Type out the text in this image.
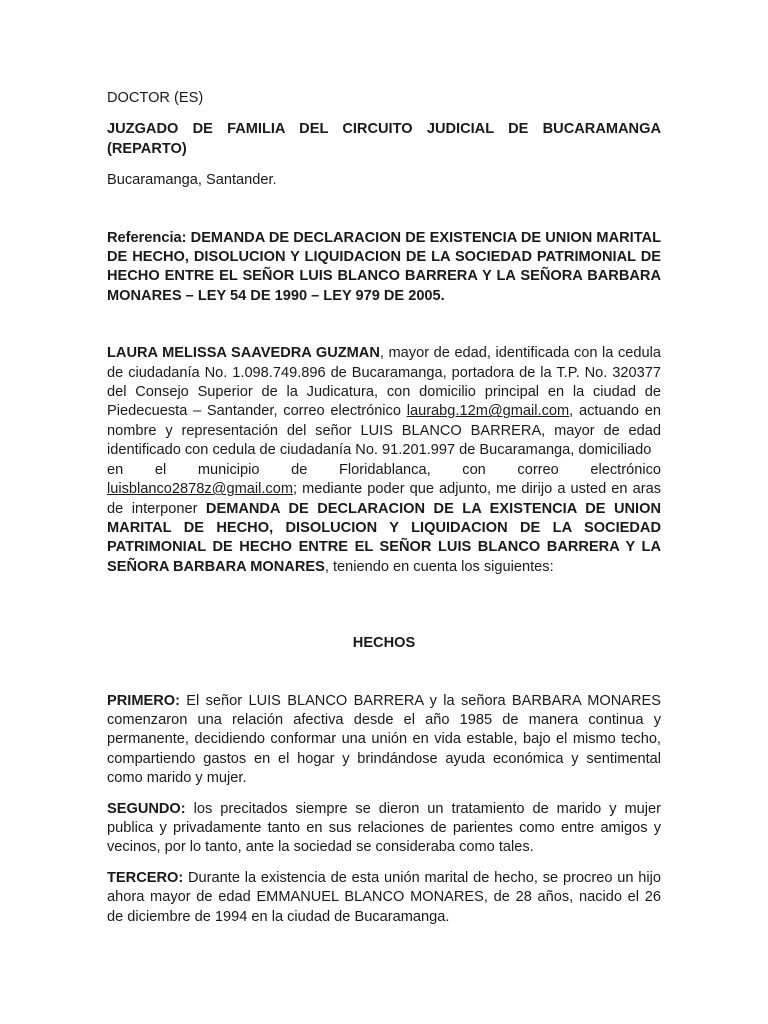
DOCTOR (ES)

JUZGADO DE FAMILIA DEL CIRCUITO JUDICIAL DE BUCARAMANGA (REPARTO)

Bucaramanga, Santander.

Referencia: DEMANDA DE DECLARACION DE EXISTENCIA DE UNION MARITAL DE HECHO, DISOLUCION Y LIQUIDACION DE LA SOCIEDAD PATRIMONIAL DE HECHO ENTRE EL SEÑOR LUIS BLANCO BARRERA Y LA SEÑORA BARBARA MONARES – LEY 54 DE 1990 – LEY 979 DE 2005.

LAURA MELISSA SAAVEDRA GUZMAN, mayor de edad, identificada con la cedula de ciudadanía No. 1.098.749.896 de Bucaramanga, portadora de la T.P. No. 320377 del Consejo Superior de la Judicatura, con domicilio principal en la ciudad de Piedecuesta – Santander, correo electrónico laurabg.12m@gmail.com, actuando en nombre y representación del señor LUIS BLANCO BARRERA, mayor de edad identificado con cedula de ciudadanía No. 91.201.997 de Bucaramanga, domiciliado

en el municipio de Floridablanca, con correo electrónico

luisblanco2878z@gmail.com; mediante poder que adjunto, me dirijo a usted en aras de interponer DEMANDA DE DECLARACION DE LA EXISTENCIA DE UNION MARITAL DE HECHO, DISOLUCION Y LIQUIDACION DE LA SOCIEDAD PATRIMONIAL DE HECHO ENTRE EL SEÑOR LUIS BLANCO BARRERA Y LA SEÑORA BARBARA MONARES, teniendo en cuenta los siguientes:

HECHOS

PRIMERO: El señor LUIS BLANCO BARRERA y la señora BARBARA MONARES comenzaron una relación afectiva desde el año 1985 de manera continua y permanente, decidiendo conformar una unión en vida estable, bajo el mismo techo, compartiendo gastos en el hogar y brindándose ayuda económica y sentimental como marido y mujer.

SEGUNDO: los precitados siempre se dieron un tratamiento de marido y mujer publica y privadamente tanto en sus relaciones de parientes como entre amigos y vecinos, por lo tanto, ante la sociedad se consideraba como tales.

TERCERO: Durante la existencia de esta unión marital de hecho, se procreo un hijo ahora mayor de edad EMMANUEL BLANCO MONARES, de 28 años, nacido el 26 de diciembre de 1994 en la ciudad de Bucaramanga.
